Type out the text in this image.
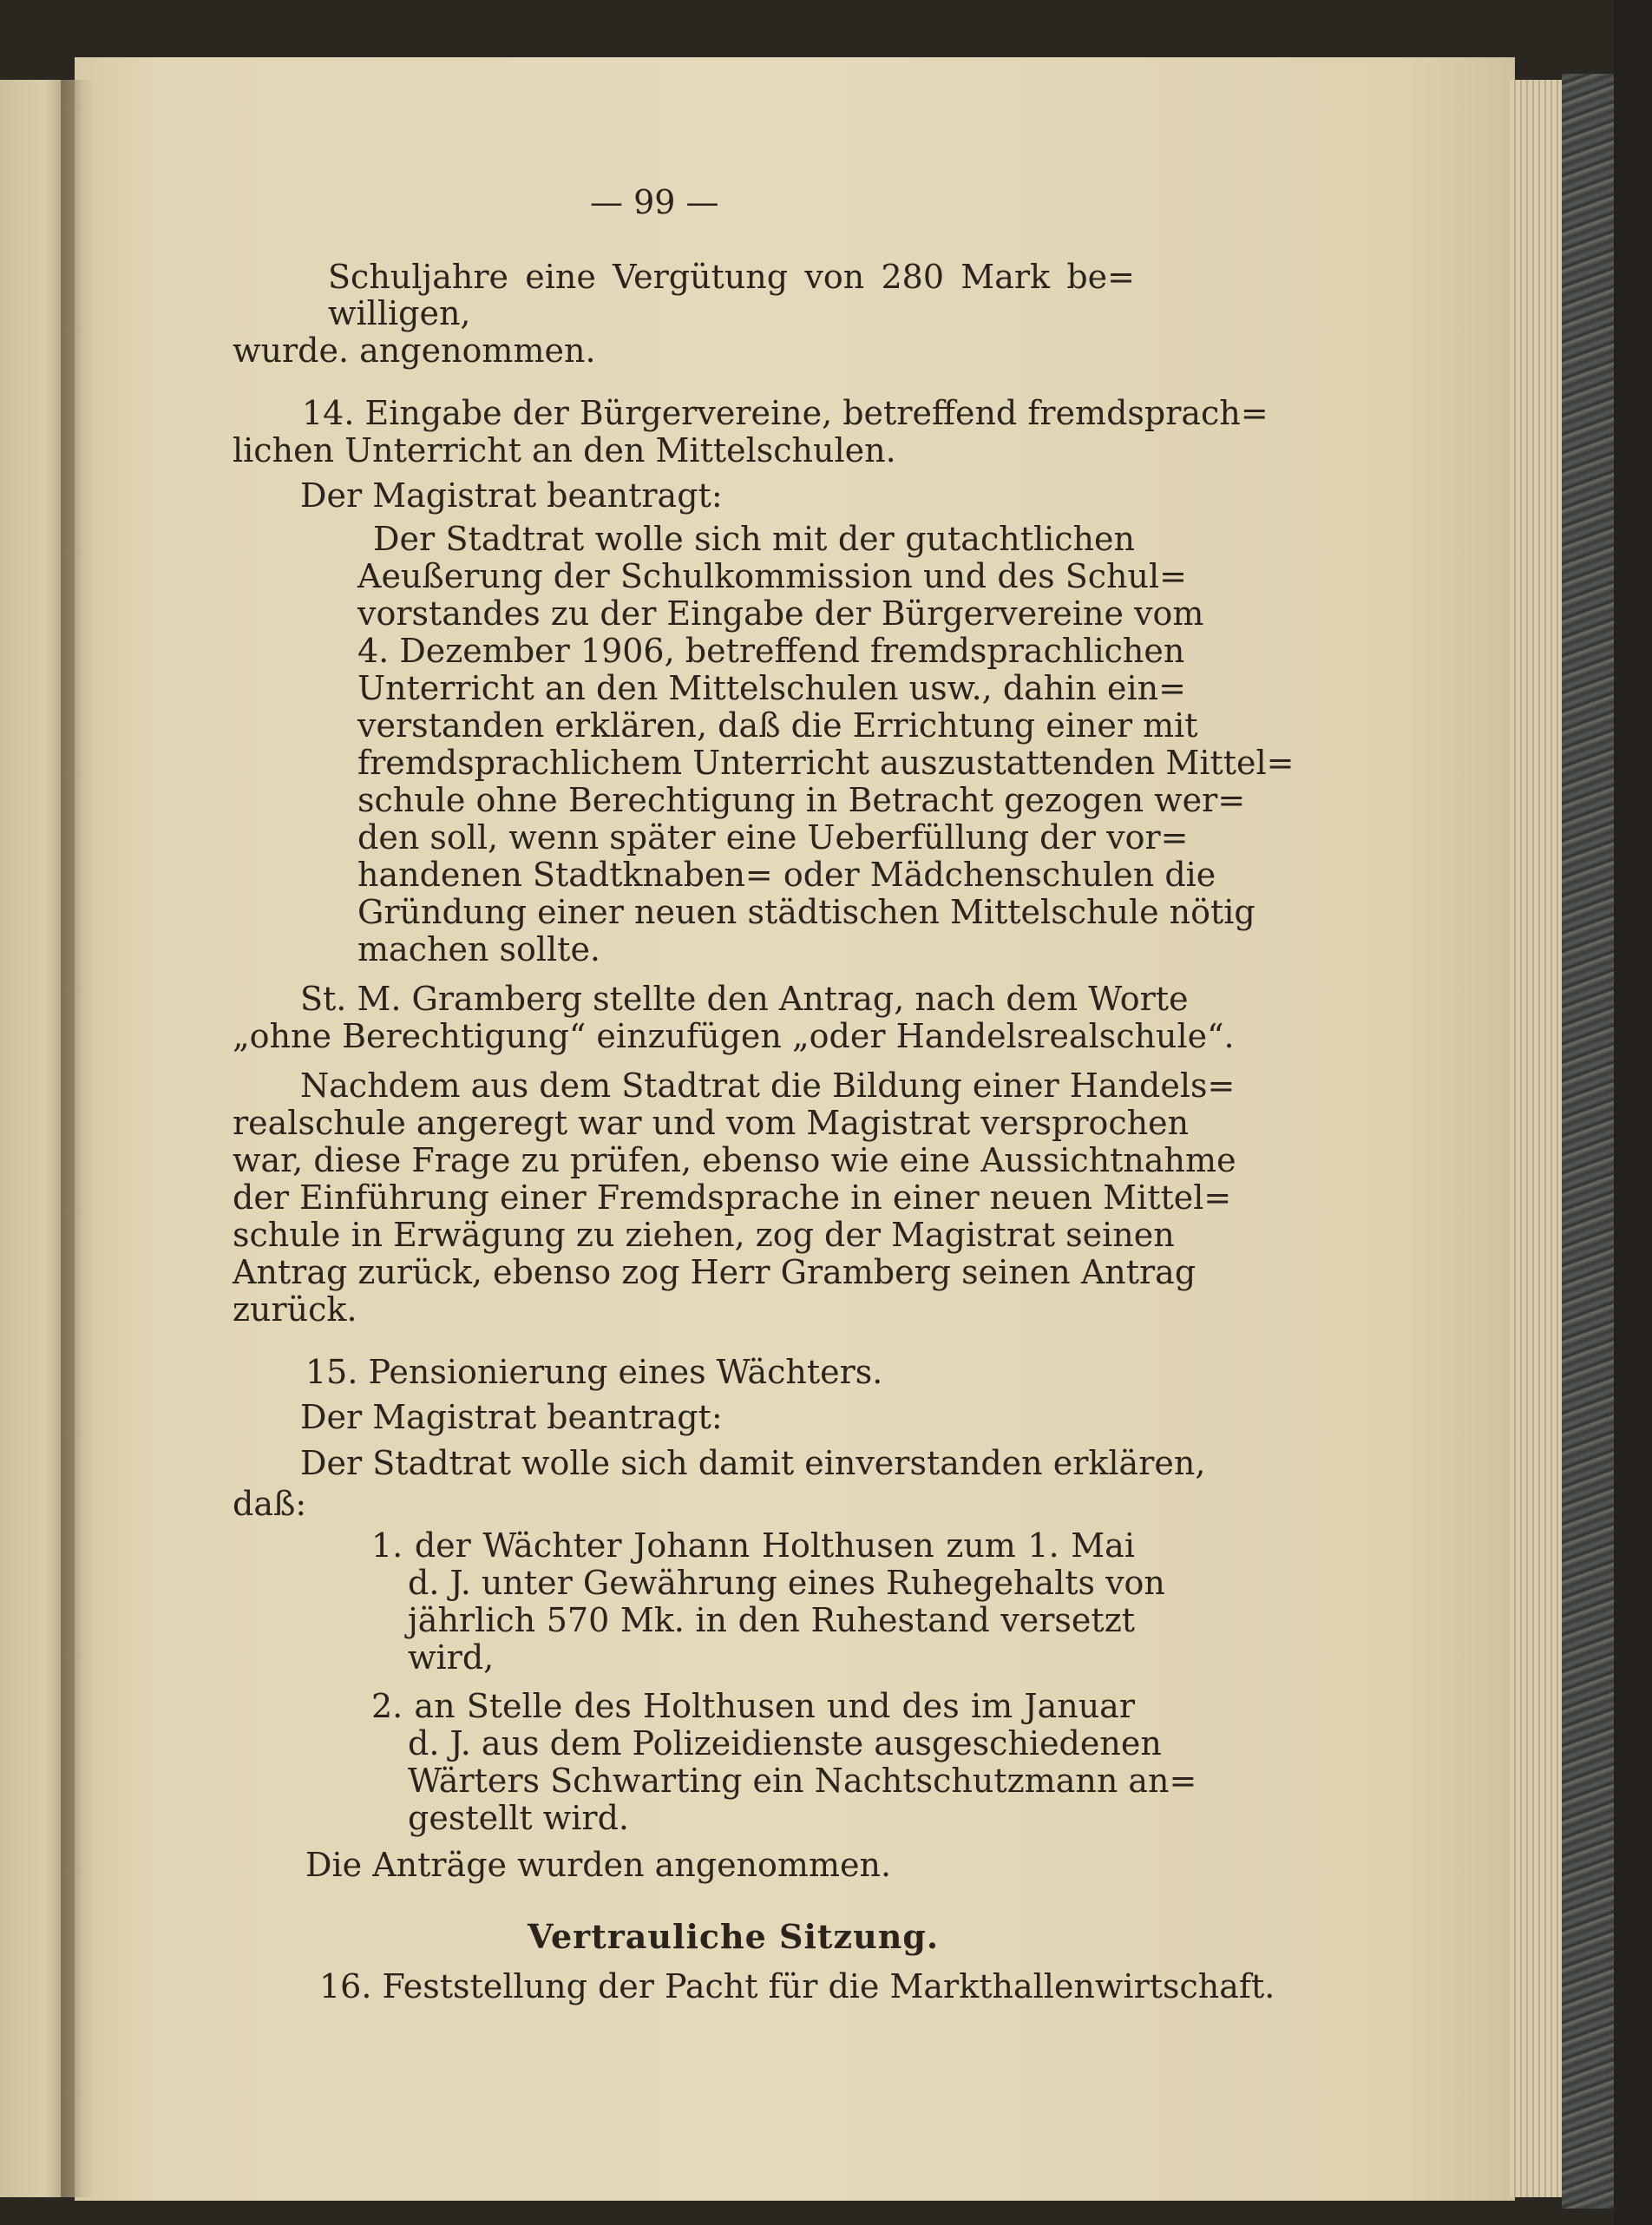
— 99 —
Schuljahre eine Vergütung von 280 Mark be=
willigen,
wurde. angenommen.
14. Eingabe der Bürgervereine, betreffend fremdsprach=
lichen Unterricht an den Mittelschulen.
Der Magistrat beantragt:
Der Stadtrat wolle sich mit der gutachtlichen
Aeußerung der Schulkommission und des Schul=
vorstandes zu der Eingabe der Bürgervereine vom
4. Dezember 1906, betreffend fremdsprachlichen
Unterricht an den Mittelschulen usw., dahin ein=
verstanden erklären, daß die Errichtung einer mit
fremdsprachlichem Unterricht auszustattenden Mittel=
schule ohne Berechtigung in Betracht gezogen wer=
den soll, wenn später eine Ueberfüllung der vor=
handenen Stadtknaben= oder Mädchenschulen die
Gründung einer neuen städtischen Mittelschule nötig
machen sollte.
St. M. Gramberg stellte den Antrag, nach dem Worte
„ohne Berechtigung“ einzufügen „oder Handelsrealschule“.
Nachdem aus dem Stadtrat die Bildung einer Handels=
realschule angeregt war und vom Magistrat versprochen
war, diese Frage zu prüfen, ebenso wie eine Aussichtnahme
der Einführung einer Fremdsprache in einer neuen Mittel=
schule in Erwägung zu ziehen, zog der Magistrat seinen
Antrag zurück, ebenso zog Herr Gramberg seinen Antrag
zurück.
15. Pensionierung eines Wächters.
Der Magistrat beantragt:
Der Stadtrat wolle sich damit einverstanden erklären,
daß:
1. der Wächter Johann Holthusen zum 1. Mai
d. J. unter Gewährung eines Ruhegehalts von
jährlich 570 Mk. in den Ruhestand versetzt
wird,
2. an Stelle des Holthusen und des im Januar
d. J. aus dem Polizeidienste ausgeschiedenen
Wärters Schwarting ein Nachtschutzmann an=
gestellt wird.
Die Anträge wurden angenommen.
Vertrauliche Sitzung.
16. Feststellung der Pacht für die Markthallenwirtschaft.
